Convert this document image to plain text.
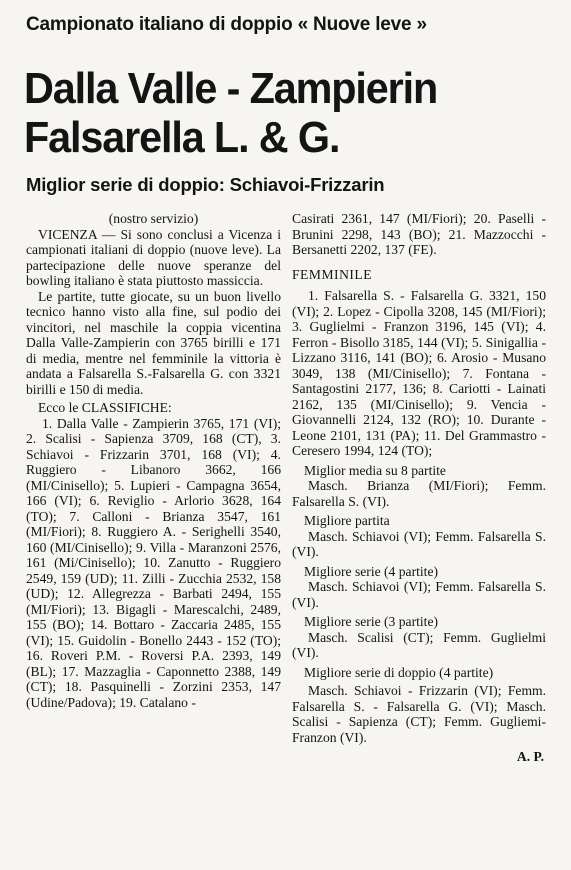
Campionato italiano di doppio « Nuove leve »
Dalla Valle - Zampierin
Falsarella L. & G.
Miglior serie di doppio: Schiavoi-Frizzarin

(nostro servizio)

VICENZA — Si sono conclusi a Vicenza i campionati italiani di doppio (nuove leve). La partecipazione delle nuove speranze del bowling italiano è stata piuttosto massiccia.

Le partite, tutte giocate, su un buon livello tecnico hanno visto alla fine, sul podio dei vincitori, nel maschile la coppia vicentina Dalla Valle-Zampierin con 3765 birilli e 171 di media, mentre nel femminile la vittoria è andata a Falsarella S.-Falsarella G. con 3321 birilli e 150 di media.

Ecco le CLASSIFICHE:

1. Dalla Valle - Zampierin 3765, 171 (VI); 2. Scalisi - Sapienza 3709, 168 (CT), 3. Schiavoi - Frizzarin 3701, 168 (VI); 4. Ruggiero - Libanoro 3662, 166 (MI/Cinisello); 5. Lupieri - Campagna 3654, 166 (VI); 6. Reviglio - Arlorio 3628, 164 (TO); 7. Calloni - Brianza 3547, 161 (MI/Fiori); 8. Ruggiero A. - Serighelli 3540, 160 (MI/Cinisello); 9. Villa - Maranzoni 2576, 161 (Mi/Cinisello); 10. Zanutto - Ruggiero 2549, 159 (UD); 11. Zilli - Zucchia 2532, 158 (UD); 12. Allegrezza - Barbati 2494, 155 (MI/Fiori); 13. Bigagli - Marescalchi, 2489, 155 (BO); 14. Bottaro - Zaccaria 2485, 155 (VI); 15. Guidolin - Bonello 2443 - 152 (TO); 16. Roveri P.M. - Roversi P.A. 2393, 149 (BL); 17. Mazzaglia - Caponnetto 2388, 149 (CT); 18. Pasquinelli - Zorzini 2353, 147 (Udine/Padova); 19. Catalano -

Casirati 2361, 147 (MI/Fiori); 20. Paselli - Brunini 2298, 143 (BO); 21. Mazzocchi - Bersanetti 2202, 137 (FE).

FEMMINILE

1. Falsarella S. - Falsarella G. 3321, 150 (VI); 2. Lopez - Cipolla 3208, 145 (MI/Fiori); 3. Guglielmi - Franzon 3196, 145 (VI); 4. Ferron - Bisollo 3185, 144 (VI); 5. Sinigallia - Lizzano 3116, 141 (BO); 6. Arosio - Musano 3049, 138 (MI/Cinisello); 7. Fontana - Santagostini 2177, 136; 8. Cariotti - Lainati 2162, 135 (MI/Cinisello); 9. Vencia - Giovannelli 2124, 132 (RO); 10. Durante - Leone 2101, 131 (PA); 11. Del Grammastro - Ceresero 1994, 124 (TO);

Miglior media su 8 partite

Masch. Brianza (MI/Fiori); Femm. Falsarella S. (VI).

Migliore partita

Masch. Schiavoi (VI); Femm. Falsarella S. (VI).

Migliore serie (4 partite)

Masch. Schiavoi (VI); Femm. Falsarella S. (VI).

Migliore serie (3 partite)

Masch. Scalisi (CT); Femm. Guglielmi (VI).

Migliore serie di doppio (4 partite)

Masch. Schiavoi - Frizzarin (VI); Femm. Falsarella S. - Falsarella G. (VI); Masch. Scalisi - Sapienza (CT); Femm. Gugliemi-Franzon (VI).

A. P.
